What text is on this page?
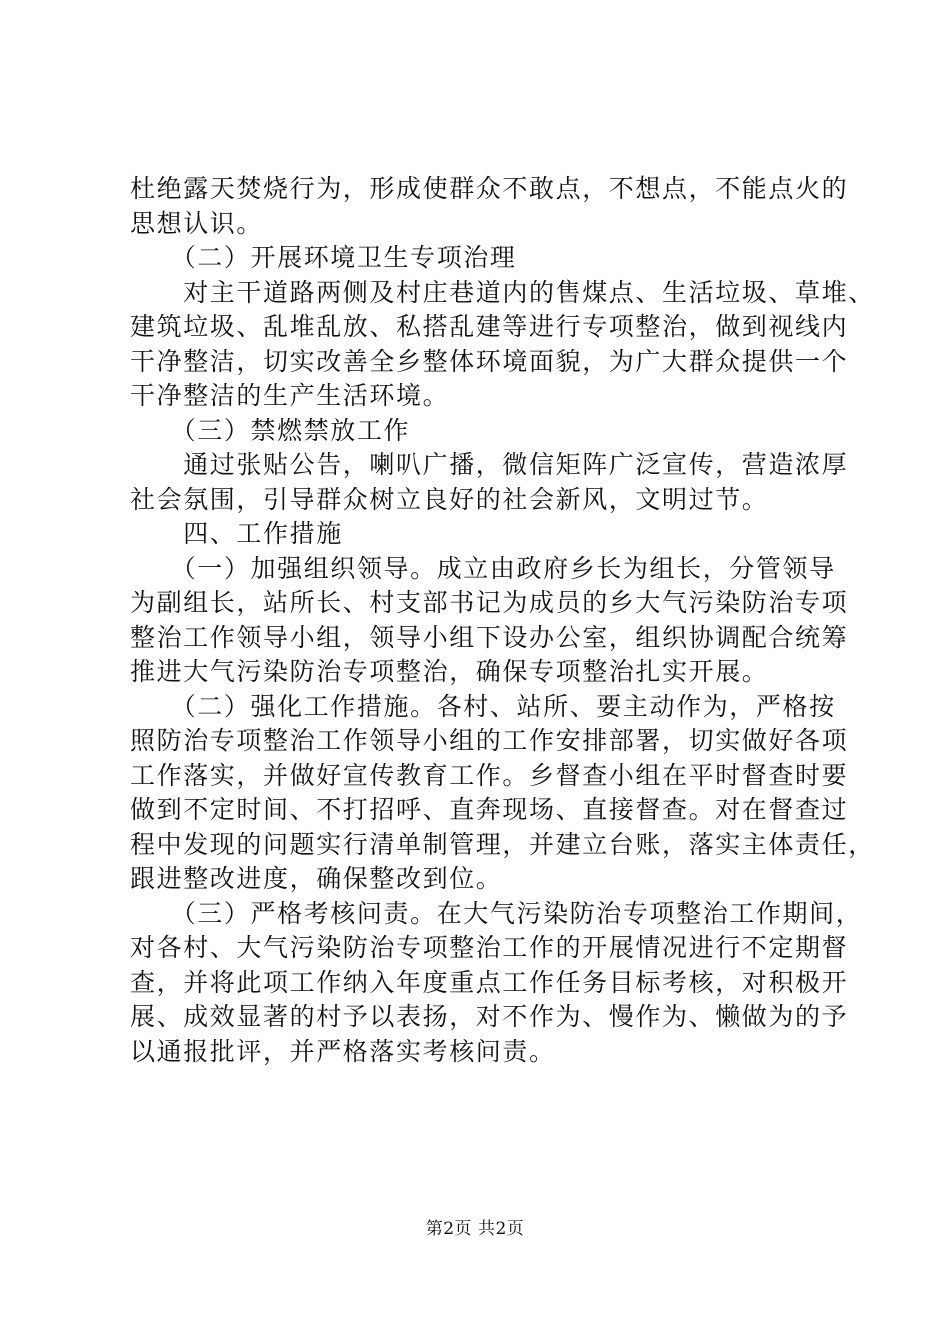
杜绝露天焚烧行为，形成使群众不敢点，不想点，不能点火的
思想认识。
　　（二）开展环境卫生专项治理
　　对主干道路两侧及村庄巷道内的售煤点、生活垃圾、草堆、
建筑垃圾、乱堆乱放、私搭乱建等进行专项整治，做到视线内
干净整洁，切实改善全乡整体环境面貌，为广大群众提供一个
干净整洁的生产生活环境。
　　（三）禁燃禁放工作
　　通过张贴公告，喇叭广播，微信矩阵广泛宣传，营造浓厚
社会氛围，引导群众树立良好的社会新风，文明过节。
　　四、工作措施
　　（一）加强组织领导。成立由政府乡长为组长，分管领导
为副组长，站所长、村支部书记为成员的乡大气污染防治专项
整治工作领导小组，领导小组下设办公室，组织协调配合统筹
推进大气污染防治专项整治，确保专项整治扎实开展。
　　（二）强化工作措施。各村、站所、要主动作为，严格按
照防治专项整治工作领导小组的工作安排部署，切实做好各项
工作落实，并做好宣传教育工作。乡督查小组在平时督查时要
做到不定时间、不打招呼、直奔现场、直接督查。对在督查过
程中发现的问题实行清单制管理，并建立台账，落实主体责任，
跟进整改进度，确保整改到位。
　　（三）严格考核问责。在大气污染防治专项整治工作期间，
对各村、大气污染防治专项整治工作的开展情况进行不定期督
查，并将此项工作纳入年度重点工作任务目标考核，对积极开
展、成效显著的村予以表扬，对不作为、慢作为、懒做为的予
以通报批评，并严格落实考核问责。
第2页 共2页
